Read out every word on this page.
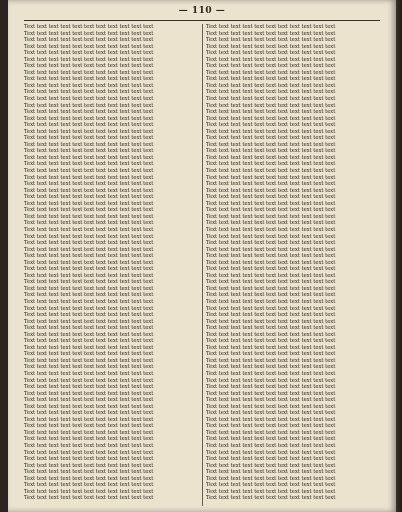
— 110 —
Text text text text text text text text text text text
Text text text text text text text text text text text
Text text text text text text text text text text text
Text text text text text text text text text text text
Text text text text text text text text text text text
Text text text text text text text text text text text
Text text text text text text text text text text text
Text text text text text text text text text text text
Text text text text text text text text text text text
Text text text text text text text text text text text
Text text text text text text text text text text text
Text text text text text text text text text text text
Text text text text text text text text text text text
Text text text text text text text text text text text
Text text text text text text text text text text text
Text text text text text text text text text text text
Text text text text text text text text text text text
Text text text text text text text text text text text
Text text text text text text text text text text text
Text text text text text text text text text text text
Text text text text text text text text text text text
Text text text text text text text text text text text
Text text text text text text text text text text text
Text text text text text text text text text text text
Text text text text text text text text text text text
Text text text text text text text text text text text
Text text text text text text text text text text text
Text text text text text text text text text text text
Text text text text text text text text text text text
Text text text text text text text text text text text
Text text text text text text text text text text text
Text text text text text text text text text text text
Text text text text text text text text text text text
Text text text text text text text text text text text
Text text text text text text text text text text text
Text text text text text text text text text text text
Text text text text text text text text text text text
Text text text text text text text text text text text
Text text text text text text text text text text text
Text text text text text text text text text text text
Text text text text text text text text text text text
Text text text text text text text text text text text
Text text text text text text text text text text text
Text text text text text text text text text text text
Text text text text text text text text text text text
Text text text text text text text text text text text
Text text text text text text text text text text text
Text text text text text text text text text text text
Text text text text text text text text text text text
Text text text text text text text text text text text
Text text text text text text text text text text text
Text text text text text text text text text text text
Text text text text text text text text text text text
Text text text text text text text text text text text
Text text text text text text text text text text text
Text text text text text text text text text text text
Text text text text text text text text text text text
Text text text text text text text text text text text
Text text text text text text text text text text text
Text text text text text text text text text text text
Text text text text text text text text text text text
Text text text text text text text text text text text
Text text text text text text text text text text text
Text text text text text text text text text text text
Text text text text text text text text text text text
Text text text text text text text text text text text
Text text text text text text text text text text text
Text text text text text text text text text text text
Text text text text text text text text text text text
Text text text text text text text text text text text
Text text text text text text text text text text text
Text text text text text text text text text text text
Text text text text text text text text text text text
Text text text text text text text text text text text
Text text text text text text text text text text text
Text text text text text text text text text text text
Text text text text text text text text text text text
Text text text text text text text text text text text
Text text text text text text text text text text text
Text text text text text text text text text text text
Text text text text text text text text text text text
Text text text text text text text text text text text
Text text text text text text text text text text text
Text text text text text text text text text text text
Text text text text text text text text text text text
Text text text text text text text text text text text
Text text text text text text text text text text text
Text text text text text text text text text text text
Text text text text text text text text text text text
Text text text text text text text text text text text
Text text text text text text text text text text text
Text text text text text text text text text text text
Text text text text text text text text text text text
Text text text text text text text text text text text
Text text text text text text text text text text text
Text text text text text text text text text text text
Text text text text text text text text text text text
Text text text text text text text text text text text
Text text text text text text text text text text text
Text text text text text text text text text text text
Text text text text text text text text text text text
Text text text text text text text text text text text
Text text text text text text text text text text text
Text text text text text text text text text text text
Text text text text text text text text text text text
Text text text text text text text text text text text
Text text text text text text text text text text text
Text text text text text text text text text text text
Text text text text text text text text text text text
Text text text text text text text text text text text
Text text text text text text text text text text text
Text text text text text text text text text text text
Text text text text text text text text text text text
Text text text text text text text text text text text
Text text text text text text text text text text text
Text text text text text text text text text text text
Text text text text text text text text text text text
Text text text text text text text text text text text
Text text text text text text text text text text text
Text text text text text text text text text text text
Text text text text text text text text text text text
Text text text text text text text text text text text
Text text text text text text text text text text text
Text text text text text text text text text text text
Text text text text text text text text text text text
Text text text text text text text text text text text
Text text text text text text text text text text text
Text text text text text text text text text text text
Text text text text text text text text text text text
Text text text text text text text text text text text
Text text text text text text text text text text text
Text text text text text text text text text text text
Text text text text text text text text text text text
Text text text text text text text text text text text
Text text text text text text text text text text text
Text text text text text text text text text text text
Text text text text text text text text text text text
Text text text text text text text text text text text
Text text text text text text text text text text text
Text text text text text text text text text text text
Text text text text text text text text text text text
Text text text text text text text text text text text
Text text text text text text text text text text text
Text text text text text text text text text text text
Text text text text text text text text text text text
Text text text text text text text text text text text
